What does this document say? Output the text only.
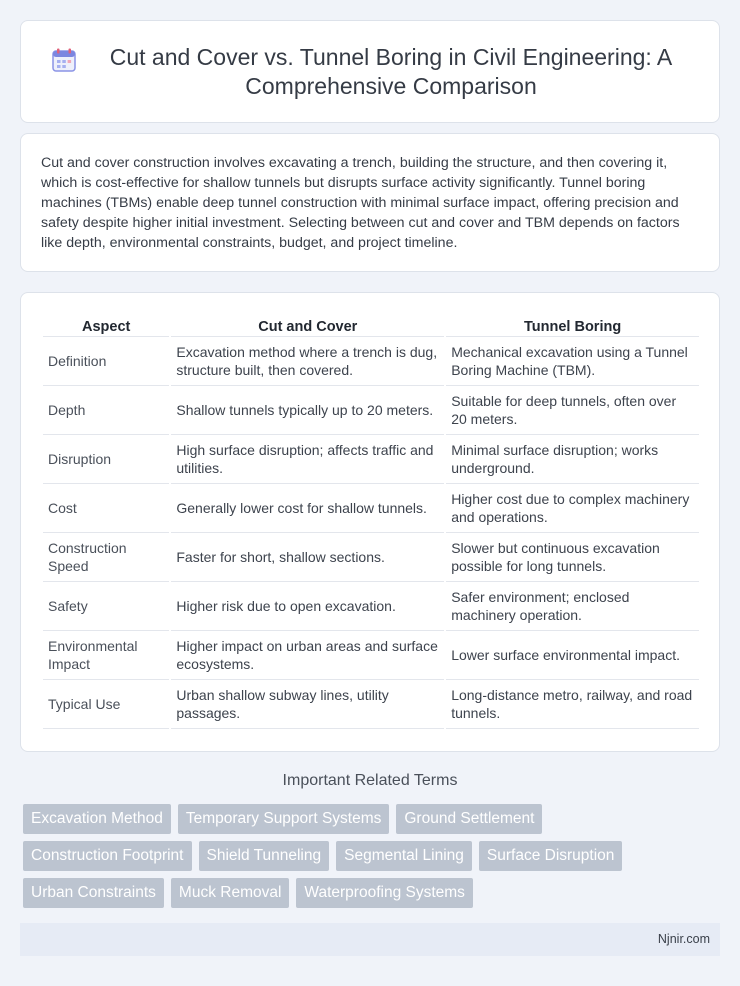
Cut and Cover vs. Tunnel Boring in Civil Engineering: A Comprehensive Comparison

Cut and cover construction involves excavating a trench, building the structure, and then covering it, which is cost-effective for shallow tunnels but disrupts surface activity significantly. Tunnel boring machines (TBMs) enable deep tunnel construction with minimal surface impact, offering precision and safety despite higher initial investment. Selecting between cut and cover and TBM depends on factors like depth, environmental constraints, budget, and project timeline.

Aspect	Cut and Cover	Tunnel Boring
Definition	Excavation method where a trench is dug, structure built, then covered.	Mechanical excavation using a Tunnel Boring Machine (TBM).
Depth	Shallow tunnels typically up to 20 meters.	Suitable for deep tunnels, often over 20 meters.
Disruption	High surface disruption; affects traffic and utilities.	Minimal surface disruption; works underground.
Cost	Generally lower cost for shallow tunnels.	Higher cost due to complex machinery and operations.
Construction Speed	Faster for short, shallow sections.	Slower but continuous excavation possible for long tunnels.
Safety	Higher risk due to open excavation.	Safer environment; enclosed machinery operation.
Environmental Impact	Higher impact on urban areas and surface ecosystems.	Lower surface environmental impact.
Typical Use	Urban shallow subway lines, utility passages.	Long-distance metro, railway, and road tunnels.
Important Related Terms
Excavation Method	Temporary Support Systems	Ground Settlement
Construction Footprint	Shield Tunneling	Segmental Lining	Surface Disruption
Urban Constraints	Muck Removal	Waterproofing Systems
Njnir.com
